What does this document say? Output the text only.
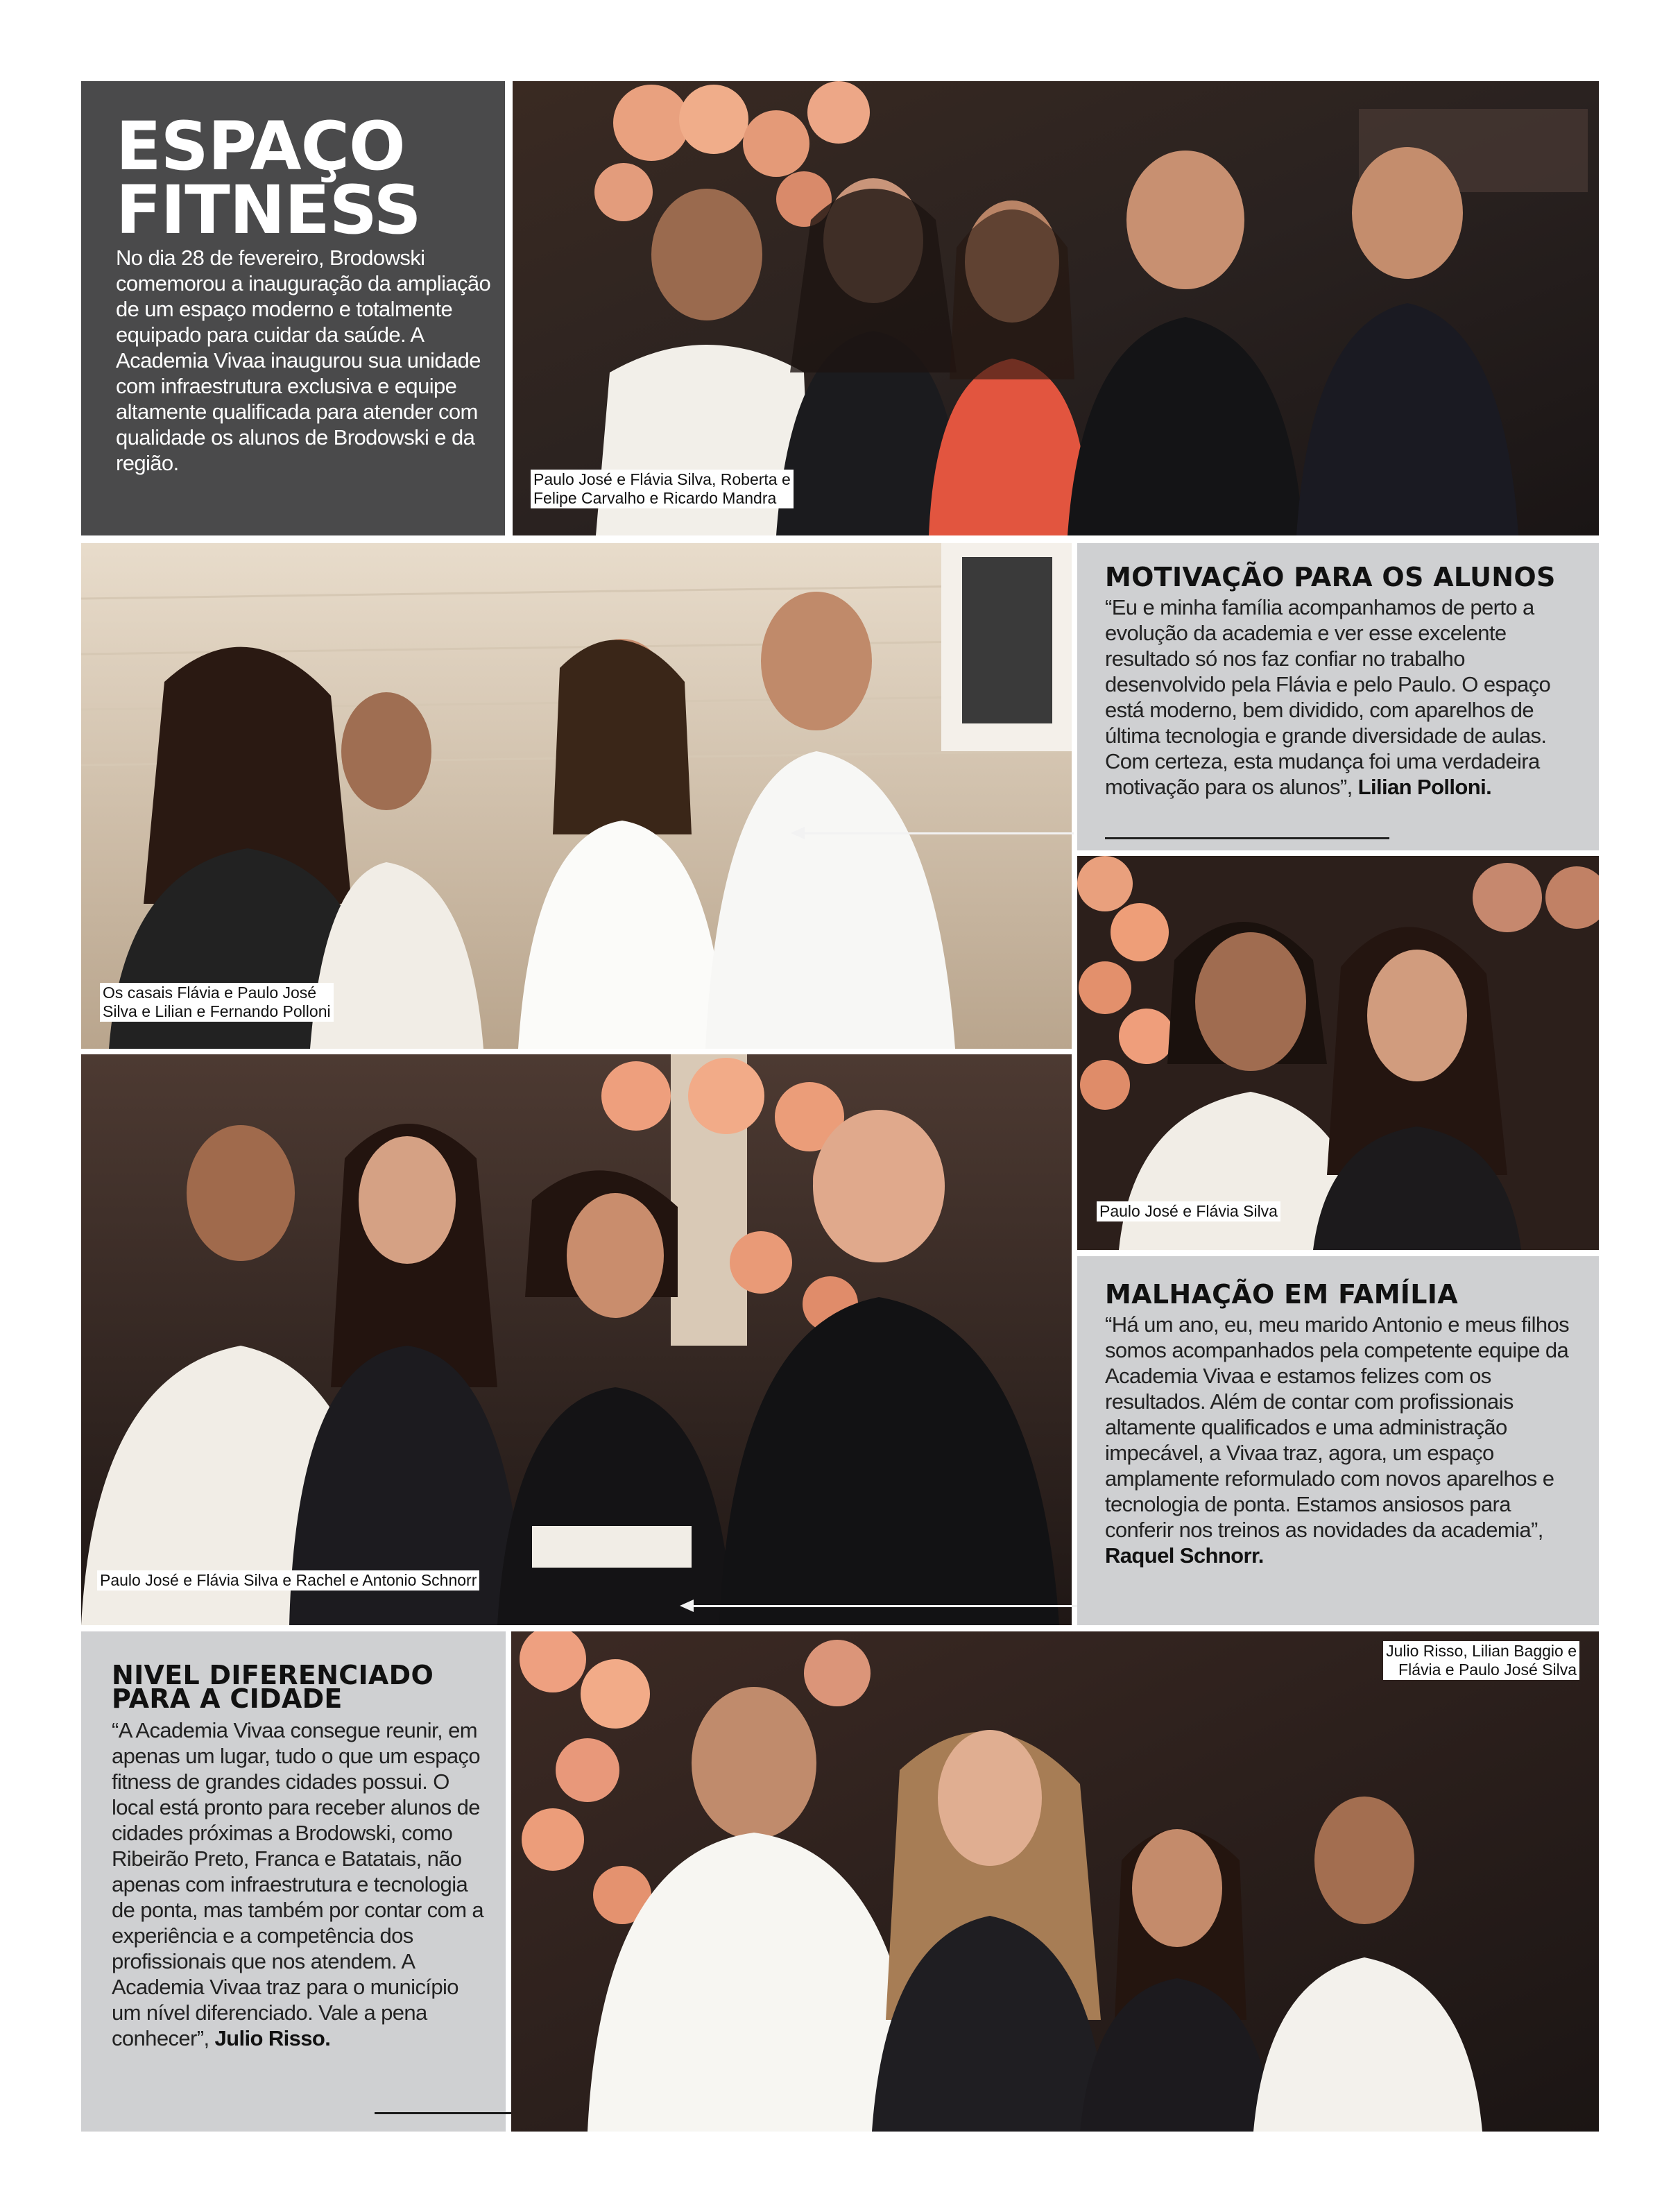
ESPAÇO
FITNESS

No dia 28 de fevereiro, Brodowski comemorou a inauguração da ampliação de um espaço moderno e totalmente equipado para cuidar da saúde. A Academia Vivaa inaugurou sua unidade com infraestrutura exclusiva e equipe altamente qualificada para atender com qualidade os alunos de Brodowski e da região.

Paulo José e Flávia Silva, Roberta e
Felipe Carvalho e Ricardo Mandra
Os casais Flávia e Paulo José
Silva e Lilian e Fernando Polloni
MOTIVAÇÃO PARA OS ALUNOS

“Eu e minha família acompanhamos de perto a evolução da academia e ver esse excelente resultado só nos faz confiar no trabalho desenvolvido pela Flávia e pelo Paulo. O espaço está moderno, bem dividido, com aparelhos de última tecnologia e grande diversidade de aulas. Com certeza, esta mudança foi uma verdadeira motivação para os alunos”, Lilian Polloni.

Paulo José e Flávia Silva
Paulo José e Flávia Silva e Rachel e Antonio Schnorr
MALHAÇÃO EM FAMÍLIA

“Há um ano, eu, meu marido Antonio e meus filhos somos acompanhados pela competente equipe da Academia Vivaa e estamos felizes com os resultados. Além de contar com profissionais altamente qualificados e uma administração impecável, a Vivaa traz, agora, um espaço amplamente reformulado com novos aparelhos e tecnologia de ponta. Estamos ansiosos para conferir nos treinos as novidades da academia”, Raquel Schnorr.

NIVEL DIFERENCIADO
PARA A CIDADE

“A Academia Vivaa consegue reunir, em apenas um lugar, tudo o que um espaço fitness de grandes cidades possui. O local está pronto para receber alunos de cidades próximas a Brodowski, como Ribeirão Preto, Franca e Batatais, não apenas com infraestrutura e tecnologia de ponta, mas também por contar com a experiência e a competência dos profissionais que nos atendem. A Academia Vivaa traz para o município um nível diferenciado. Vale a pena conhecer”, Julio Risso.

Julio Risso, Lilian Baggio e
Flávia e Paulo José Silva
